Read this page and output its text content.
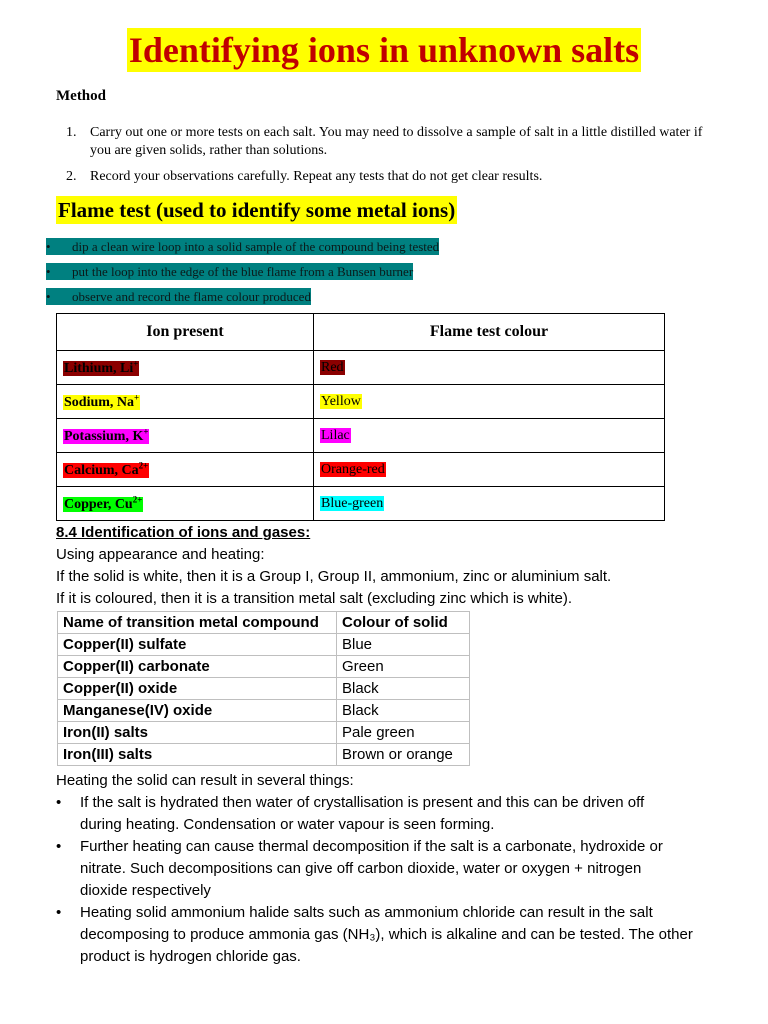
Identifying ions in unknown salts
Method
1. Carry out one or more tests on each salt. You may need to dissolve a sample of salt in a little distilled water if you are given solids, rather than solutions.
2. Record your observations carefully. Repeat any tests that do not get clear results.
Flame test (used to identify some metal ions)
• dip a clean wire loop into a solid sample of the compound being tested
• put the loop into the edge of the blue flame from a Bunsen burner
• observe and record the flame colour produced
Ion present	Flame test colour
Lithium, Li+	Red
Sodium, Na+	Yellow
Potassium, K+	Lilac
Calcium, $Ca^{2+}$	Orange-red
Copper, $Cu^{2+}$	Blue-green
8.4 Identification of ions and gases:
Using appearance and heating:
If the solid is white, then it is a Group I, Group II, ammonium, zinc or aluminium salt.
If it is coloured, then it is a transition metal salt (excluding zinc which is white).
Name of transition metal compound	Colour of solid
Copper(II) sulfate	Blue
Copper(II) carbonate	Green
Copper(II) oxide	Black
Manganese(IV) oxide	Black
Iron(II) salts	Pale green
Iron(III) salts	Brown or orange
Heating the solid can result in several things:
•	If the salt is hydrated then water of crystallisation is present and this can be driven off
during heating. Condensation or water vapour is seen forming.
•	Further heating can cause thermal decomposition if the salt is a carbonate, hydroxide or
nitrate. Such decompositions can give off carbon dioxide, water or oxygen + nitrogen
dioxide respectively
•	Heating solid ammonium halide salts such as ammonium chloride can result in the salt
decomposing to produce ammonia gas (NH₃), which is alkaline and can be tested. The other
product is hydrogen chloride gas.
